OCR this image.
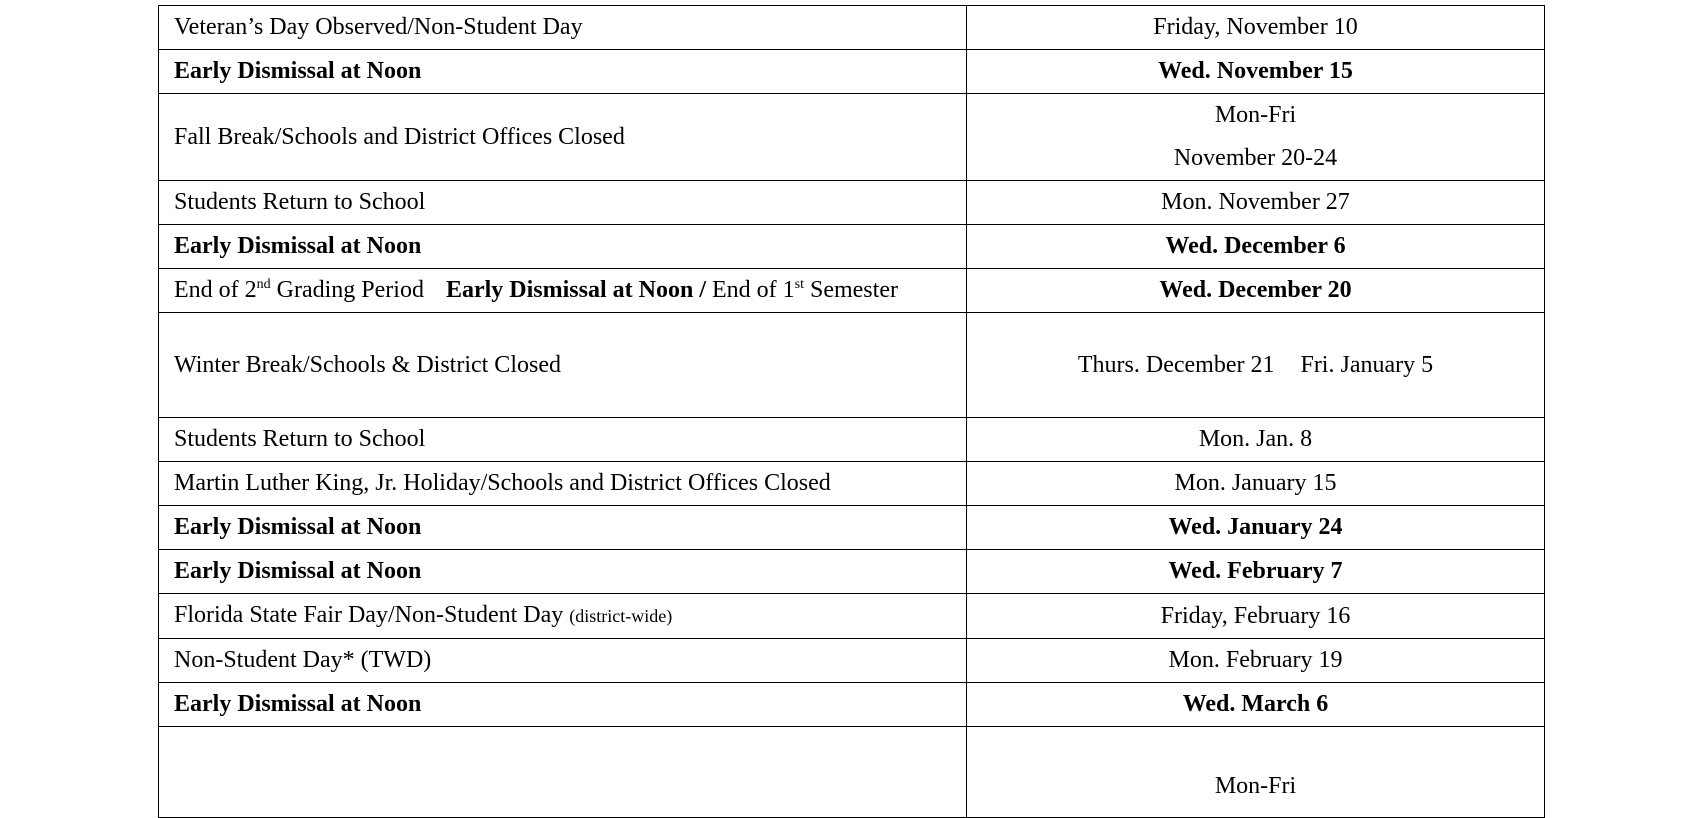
Veteran’s Day Observed/Non-Student Day	Friday, November 10
Early Dismissal at Noon	Wed. November 15
Fall Break/Schools and District Offices Closed	Mon-Fri
November 20-24

Students Return to School	Mon. November 27
Early Dismissal at Noon	Wed. December 6
End of 2nd Grading Period Early Dismissal at Noon / End of 1st Semester	Wed. December 20
Winter Break/Schools & District Closed	Thurs. December 21 Fri. January 5
Students Return to School	Mon. Jan. 8
Martin Luther King, Jr. Holiday/Schools and District Offices Closed	Mon. January 15
Early Dismissal at Noon	Wed. January 24
Early Dismissal at Noon	Wed. February 7
Florida State Fair Day/Non-Student Day (district-wide)	Friday, February 16
Non-Student Day* (TWD)	Mon. February 19
Early Dismissal at Noon	Wed. March 6

	Mon-Fri
